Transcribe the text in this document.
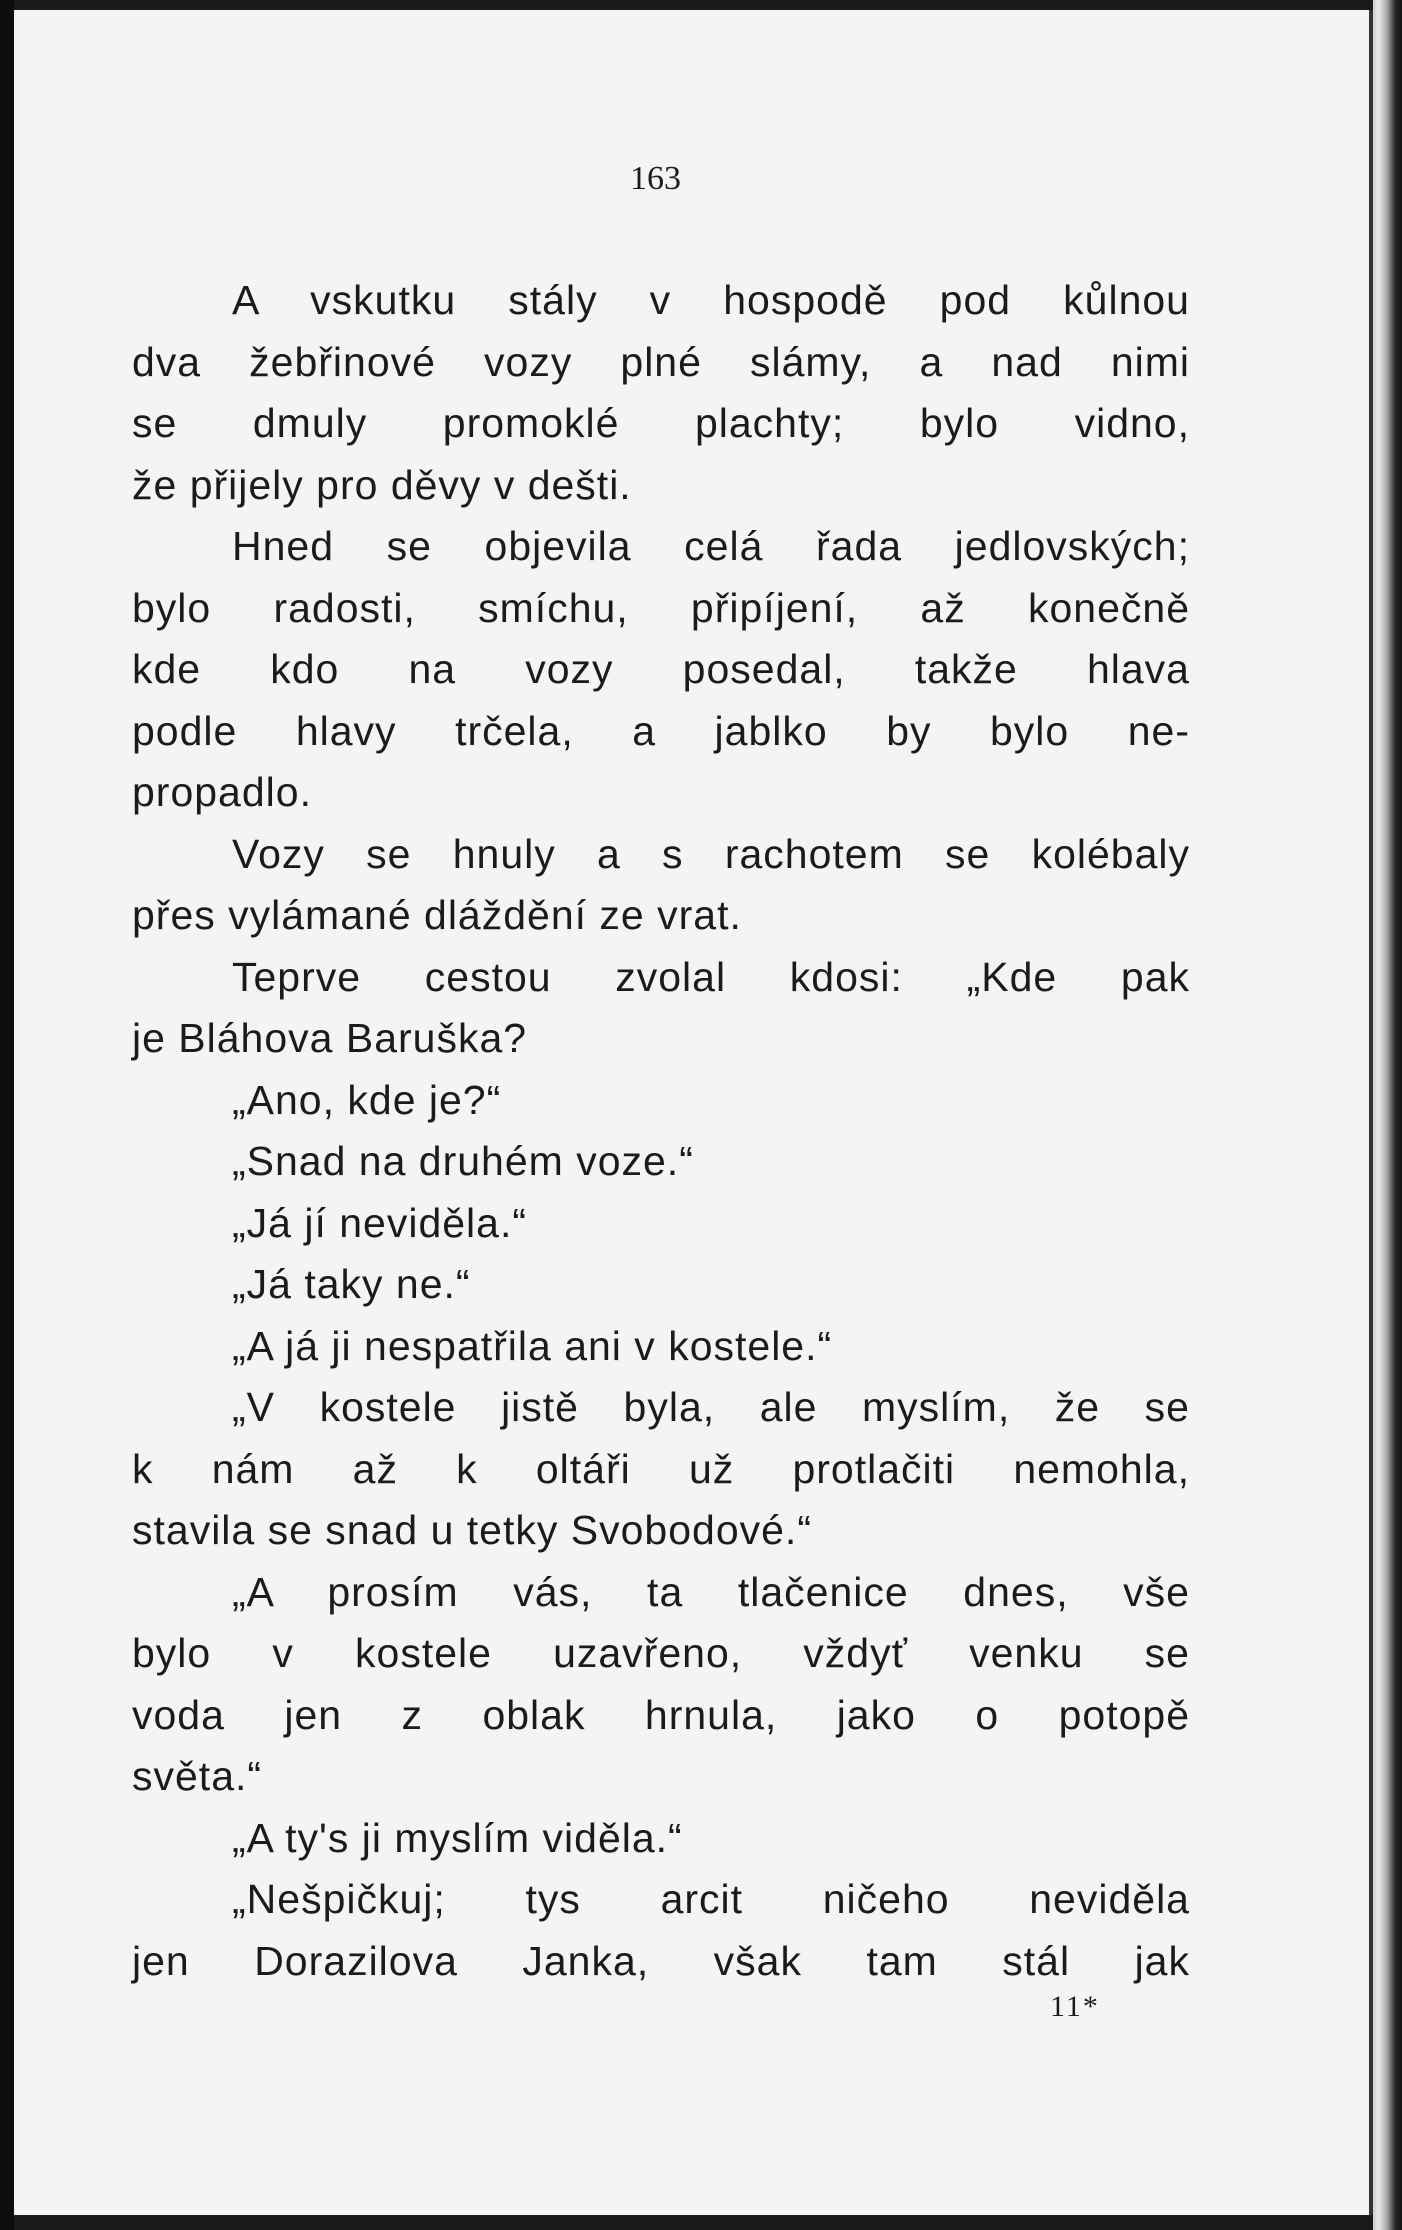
163
A vskutku stály v hospodě pod kůlnou
dva žebřinové vozy plné slámy, a nad nimi
se dmuly promoklé plachty; bylo vidno,
že přijely pro děvy v dešti.
Hned se objevila celá řada jedlovských;
bylo radosti, smíchu, připíjení, až konečně
kde kdo na vozy posedal, takže hlava
podle hlavy trčela, a jablko by bylo ne-
propadlo.
Vozy se hnuly a s rachotem se kolébaly
přes vylámané dláždění ze vrat.
Teprve cestou zvolal kdosi: „Kde pak
je Bláhova Baruška?
„Ano, kde je?“
„Snad na druhém voze.“
„Já jí neviděla.“
„Já taky ne.“
„A já ji nespatřila ani v kostele.“
„V kostele jistě byla, ale myslím, že se
k nám až k oltáři už protlačiti nemohla,
stavila se snad u tetky Svobodové.“
„A prosím vás, ta tlačenice dnes, vše
bylo v kostele uzavřeno, vždyť venku se
voda jen z oblak hrnula, jako o potopě
světa.“
„A ty's ji myslím viděla.“
„Nešpičkuj; tys arcit ničeho neviděla
jen Dorazilova Janka, však tam stál jak
11*
